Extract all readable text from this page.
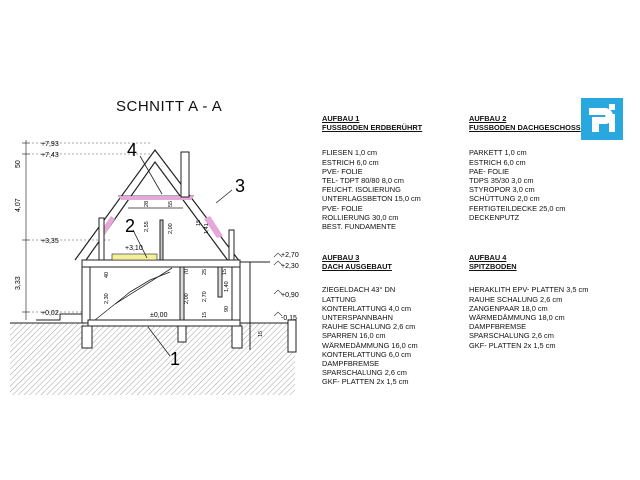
SCHNITT A - A
4
3
2
1
+7,93
+7,43
+3,35
+0,02
50
4,07
3,33
+3,10
±0,00
+2,70
+2,30
+0,90
-0,15
28	55
2,55	2,00
15
1,41
40	70 25	15
2,30	2,00 2,70
1,40
90
15
15
AUFBAU 1
FUSSBODEN ERDBERÜHRT
FLIESEN 1,0 cm
ESTRICH 6,0 cm
PVE- FOLIE
TEL- TDPT 80/80 8,0 cm
FEUCHT. ISOLIERUNG
UNTERLAGSBETON 15,0 cm
PVE- FOLIE
ROLLIERUNG 30,0 cm
BEST. FUNDAMENTE
AUFBAU 2
FUSSBODEN DACHGESCHOSS
PARKETT 1,0 cm
ESTRICH 6,0 cm
PAE- FOLIE
TDPS 35/30 3,0 cm
STYROPOR 3,0 cm
SCHÜTTUNG 2,0 cm
FERTIGTEILDECKE 25,0 cm
DECKENPUTZ
AUFBAU 3
DACH AUSGEBAUT
ZIEGELDACH 43° DN
LATTUNG
KONTERLATTUNG 4,0 cm
UNTERSPANNBAHN
RAUHE SCHALUNG 2,6 cm
SPARREN 16,0 cm
WÄRMEDÄMMUNG 16,0 cm
KONTERLATTUNG 6,0 cm
DAMPFBREMSE
SPARSCHALUNG 2,6 cm
GKF- PLATTEN 2x 1,5 cm
AUFBAU 4
SPITZBODEN
HERAKLITH EPV- PLATTEN 3,5 cm
RAUHE SCHALUNG 2,6 cm
ZANGENPAAR 18,0 cm
WÄRMEDÄMMUNG 18,0 cm
DAMPFBREMSE
SPARSCHALUNG 2,6 cm
GKF- PLATTEN 2x 1,5 cm
